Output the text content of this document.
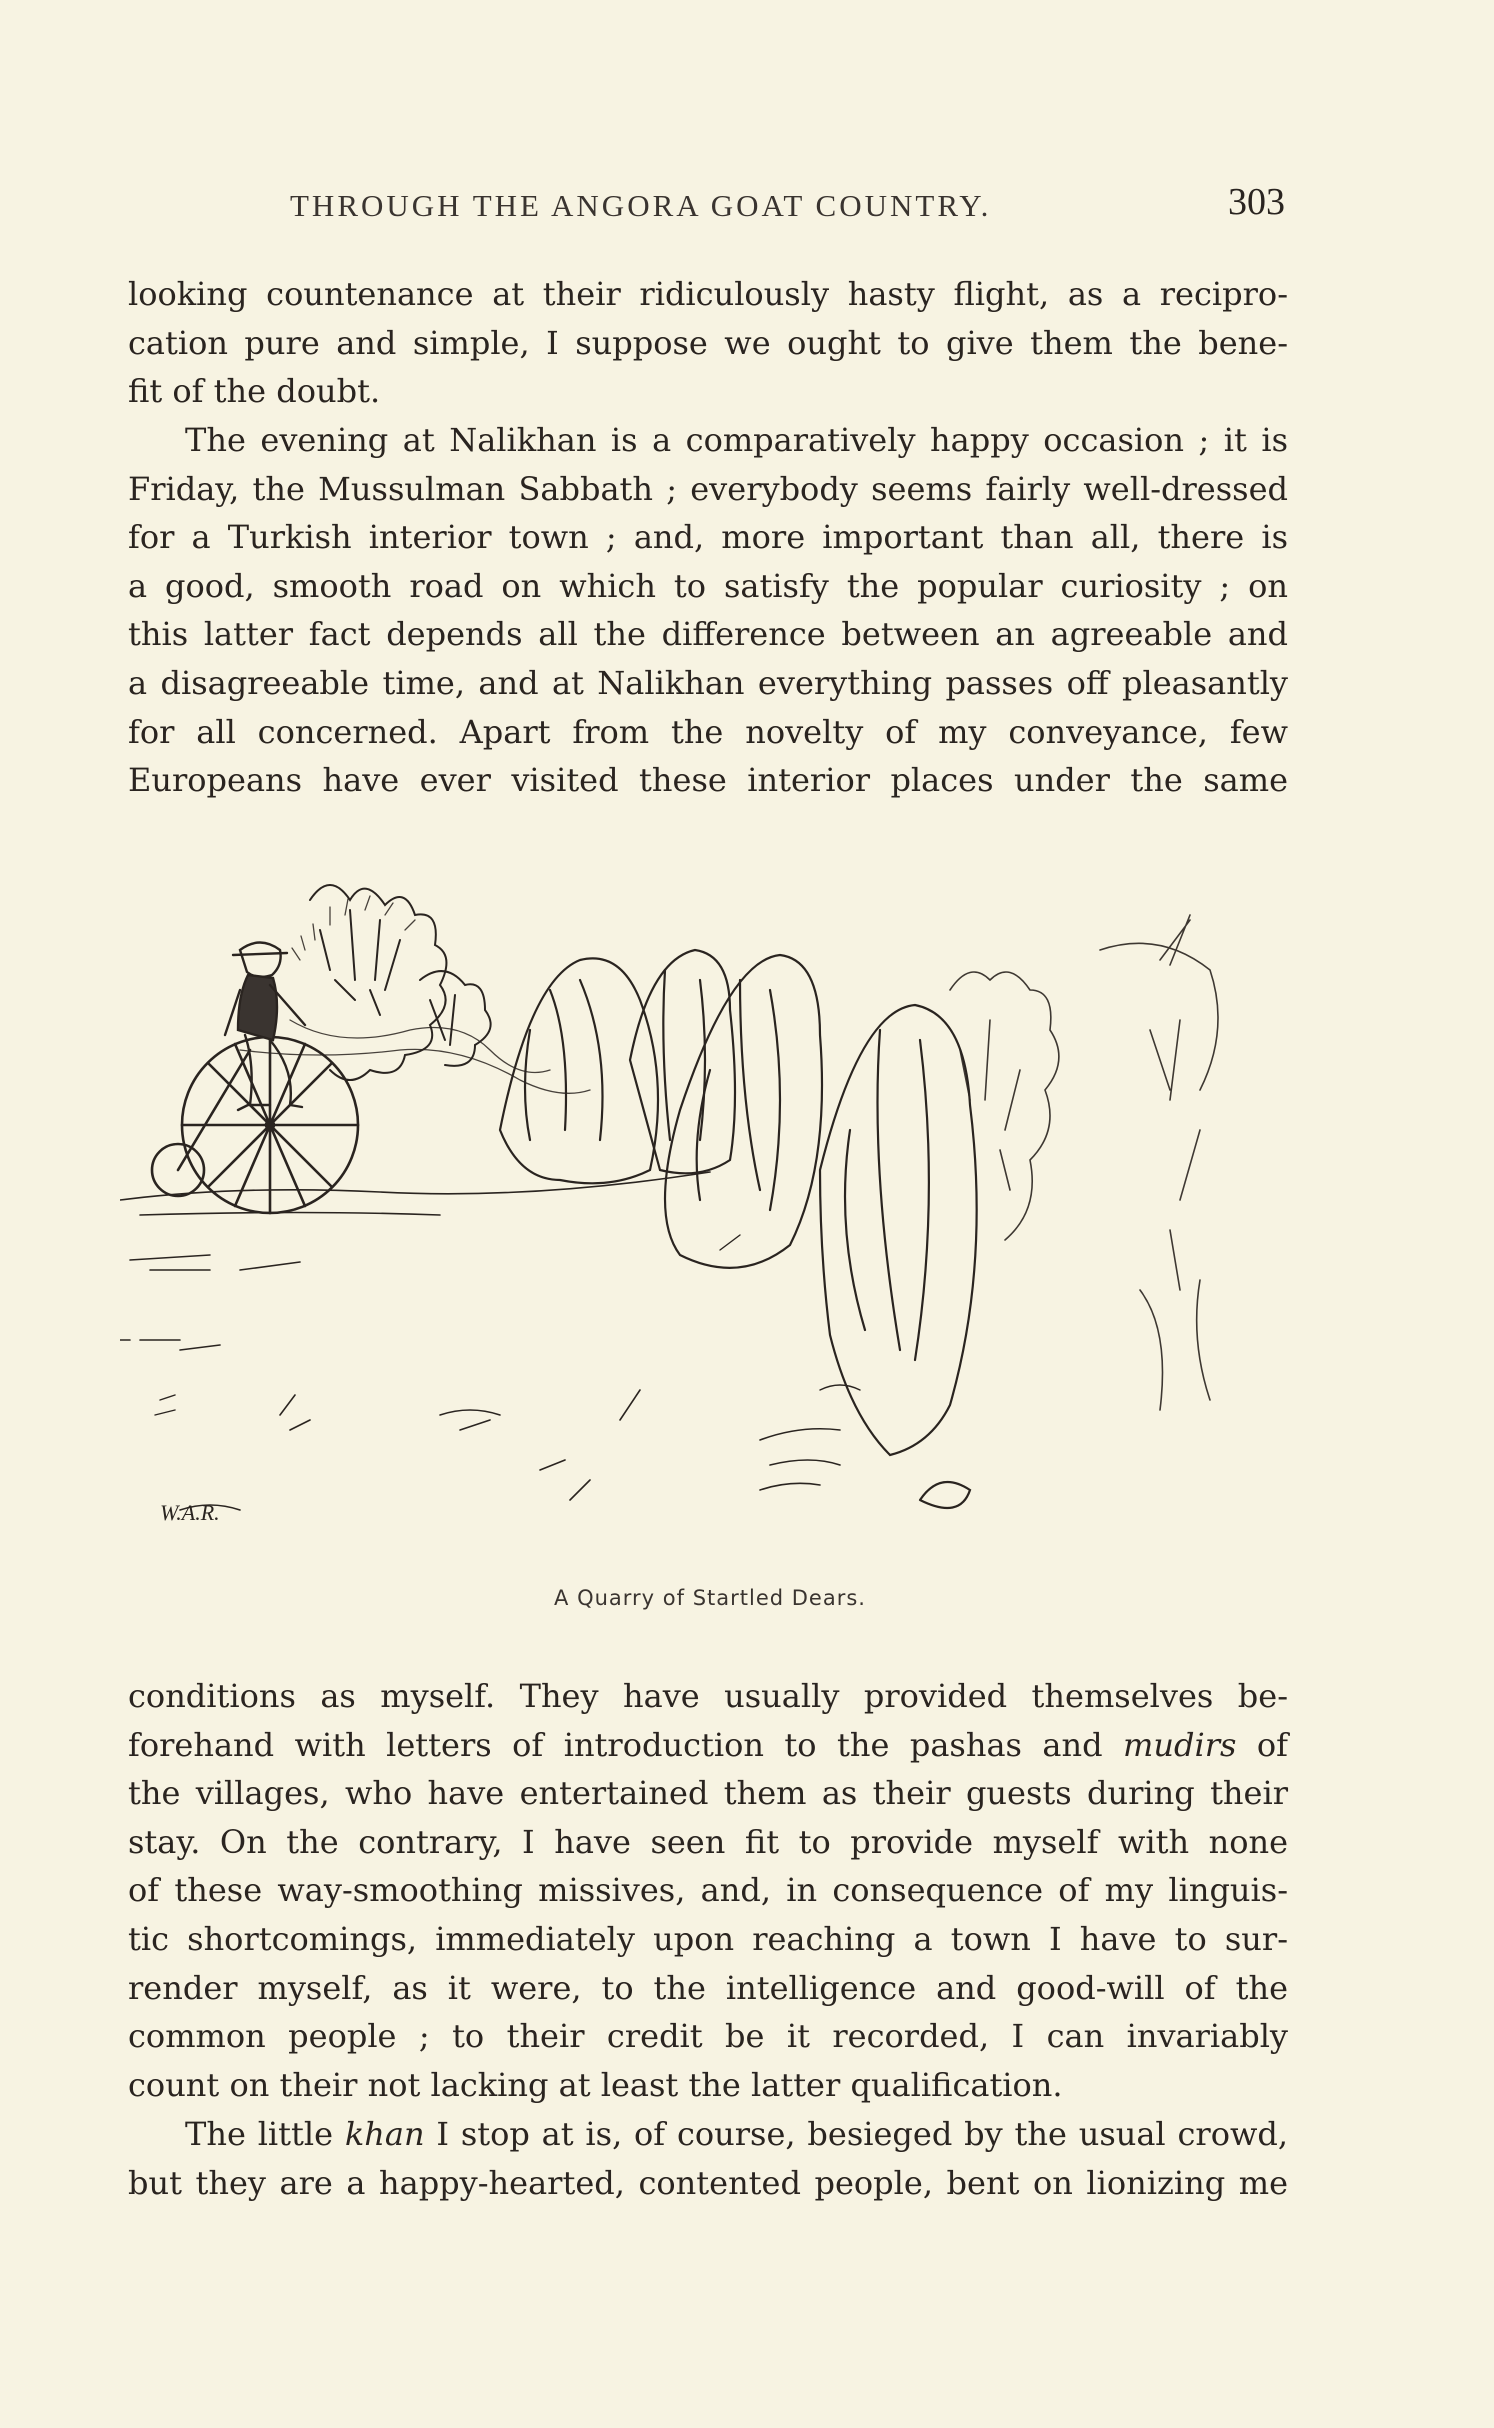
THROUGH THE ANGORA GOAT COUNTRY.	303

looking countenance at their ridiculously hasty flight, as a recipro-
cation pure and simple, I suppose we ought to give them the bene-
fit of the doubt.

The evening at Nalikhan is a comparatively happy occasion ; it is
Friday, the Mussulman Sabbath ; everybody seems fairly well-dressed
for a Turkish interior town ; and, more important than all, there is
a good, smooth road on which to satisfy the popular curiosity ; on
this latter fact depends all the difference between an agreeable and
a disagreeable time, and at Nalikhan everything passes off pleasantly
for all concerned. Apart from the novelty of my conveyance, few
Europeans have ever visited these interior places under the same

W.A.R.
A Quarry of Startled Dears.

conditions as myself. They have usually provided themselves be-
forehand with letters of introduction to the pashas and mudirs of
the villages, who have entertained them as their guests during their
stay. On the contrary, I have seen fit to provide myself with none
of these way-smoothing missives, and, in consequence of my linguis-
tic shortcomings, immediately upon reaching a town I have to sur-
render myself, as it were, to the intelligence and good-will of the
common people ; to their credit be it recorded, I can invariably
count on their not lacking at least the latter qualification.

The little khan I stop at is, of course, besieged by the usual crowd,
but they are a happy-hearted, contented people, bent on lionizing me
